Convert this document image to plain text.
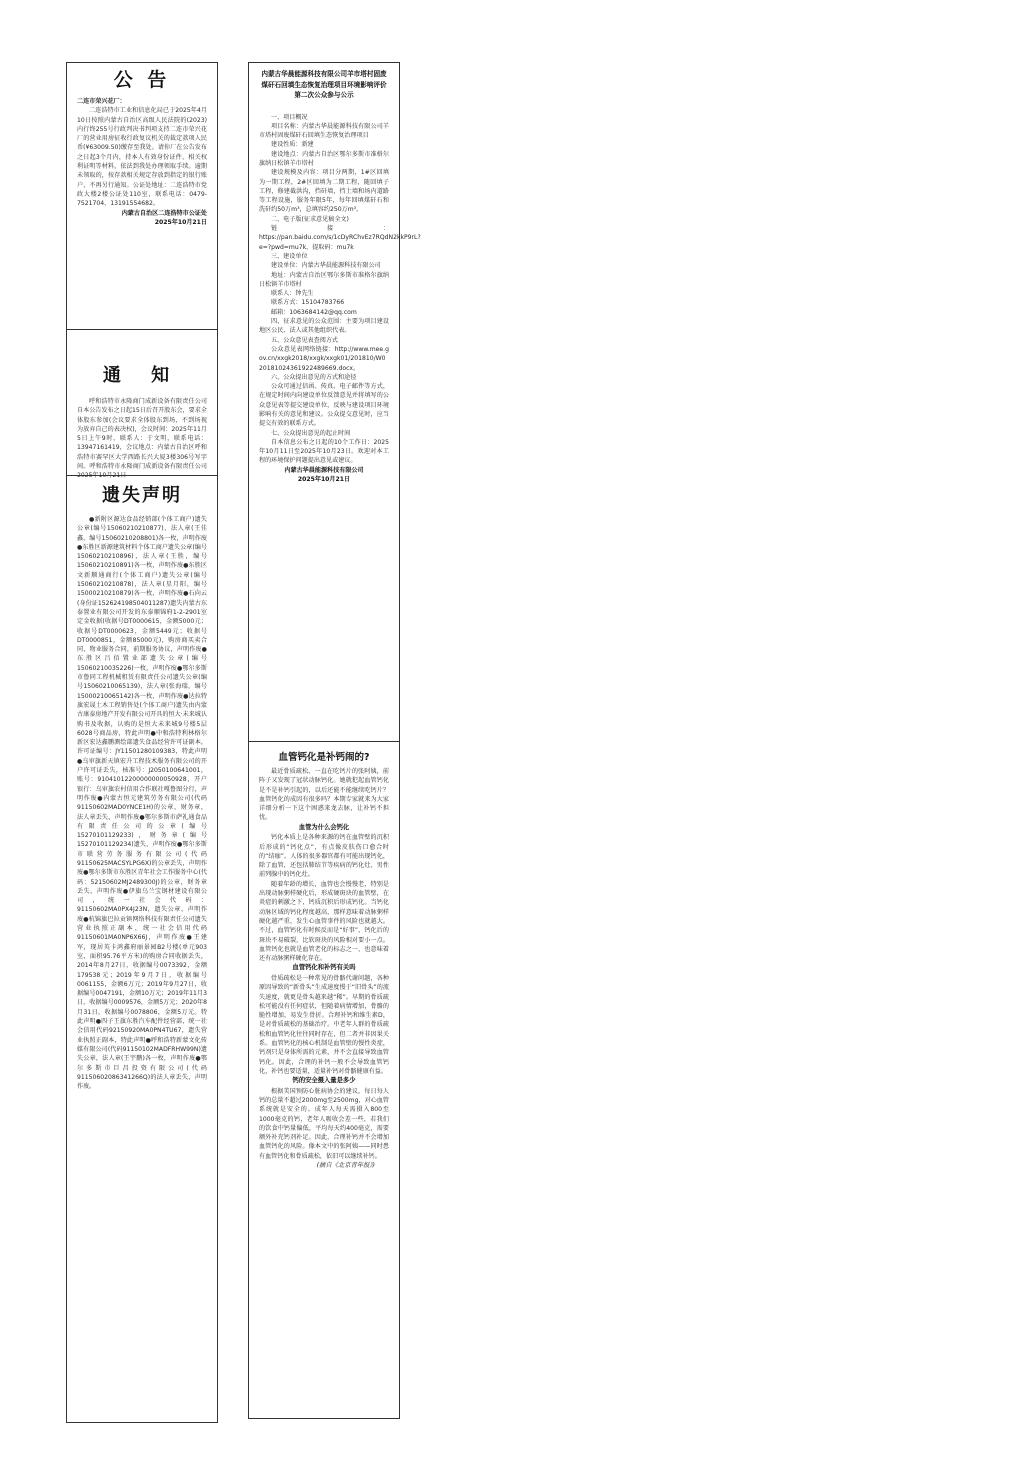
公 告

二连市荣兴花厂：

二连浩特市工业和信息化局已于2025年4月10日按照内蒙古自治区高级人民法院的(2023)内行终255号行政判决书判项支持二连市荣兴花厂的营业用房征收行政复议机关的裁定款项人民币(¥63009.50)缴存至我处。请你厂在公告发布之日起3个月内，持本人有效身份证件、相关权利证明等材料，依法到我处办理领取手续。逾期未领取的，按存款相关规定存放到指定的银行账户，不再另行通知。公证处地址：二连浩特市党政大楼2楼公证处110室，联系电话：0479-7521704，13191554682。

内蒙古自治区二连浩特市公证处
2025年10月21日
通 知

呼和浩特市永隆商门成新设备有限责任公司自本公告发布之日起15日后召开股东会，要求全体股东参加(会议要求全体股东到场，不到场视为放弃自己的表决权)，会议时间：2025年11月5日上午9时，联系人：于文明，联系电话：13947161419，会议地点：内蒙古自治区呼和浩特市赛罕区大学西路长兴大厦3楼306号写字间。呼和浩特市永隆商门成新设备有限责任公司 2025年10月21日

遗失声明

●新附区源达食品经销部(个体工商户)遗失公章(编号15060210210877)，法人章(王佳鑫，编号15060210208801)各一枚，声明作废●东胜区新源建筑材料个体工商户遗失公章(编号15060210210896)，法人章(王胜，编号15060210210891)各一枚，声明作废●东胜区文新顺通商行(个体工商户)遗失公章(编号15060210210878)，法人章(星月阳，编号15000210210879)各一枚，声明作废●石向云(身份证152624198504011287)遗失内蒙古东泰置业有限公司开发的东泰顺锦府1-2-2901室定金收据(收据号DT0000615，金额5000元；收据号DT0000623，金额5449元；收据号DT0000851，金额85000元)，购房商买卖合同，物业服务合同，前期服务协议，声明作废●东胜区吕佰置业部遗失公章(编号15060210035226)一枚，声明作废●鄂尔多斯市鲁同工程机械租赁有限责任公司遗失公章(编号15060210065139)，法人章(张海瑞，编号15000210065142)各一枚，声明作废●达拉特旗宏晟土木工程销售处(个体工商户)遗失由内蒙古康泰房地产开发有限公司开具的恒大·未来城认购书及收据，认购的是恒大未来城9号楼5层6028号商品房，特此声明●中和浩特利林格尔新区宏达鑫鹏测绘部遗失食品经营许可证副本，许可证编号：JY11501280109383，特此声明●乌审旗新天镇宏升工程技术服务有限公司的开户许可证丢失，核准号：J2050100641001，账号：91041012200000000050928，开户银行：乌审旗农村信用合作联社嘎鲁图分行，声明作废●内蒙古恒元建筑劳务有限公司(代码91150602MAD0YNCE1H)的公章，财务章，法人章丢失，声明作废●鄂尔多斯市萨礼通食品有限责任公司的公章(编号15270101129233)，财务章(编号15270101129234)遗失，声明作废●鄂尔多斯市联营劳务服务有限公司(代码91150625MACSYLPG6X)的公章丢失，声明作废●鄂尔多斯市东胜区青年社会工作服务中心(代码：52150602MJ2489300J)的公章，财务章丢失，声明作废●伊旗乌兰宝钢材建设有限公司，统一社会代码：91150602MA0PX4J23N，遗失公章，声明作废●杭锦旗巴拉贡镇网络科技有限责任公司遗失营业执照正副本，统一社会信用代码91150601MA0NP6X66J，声明作废●王建军，现居英卡鸿鑫府丽景园B2号楼(单元903室，面积95.76平方米)的购房合同收据丢失，2014年8月27日，收据编号0073392，金额179538元；2019年9月7日，收据编号0061155，金额6万元；2019年9月27日，收据编号0047191，金额10万元；2019年11月3日，收据编号0009576，金额5万元；2020年8月31日，收据编号0078806，金额5万元。特此声明●四子王旗东胜汽车配件经营部，统一社会信用代码92150920MA0PN4TU67，遗失营业执照正副本，特此声明●呼和浩特新蒙文化传媒有限公司(代码91150102MADFRHW99N)遗失公章，法人章(王宇鹏)各一枚，声明作废●鄂尔多斯市巨昌投资有限公司(代码91150602086341266Q)的法人章丢失，声明作废。

内蒙古华晨能源科技有限公司羊市塔村固废煤矸石回填生态恢复治理项目环境影响评价第二次公众参与公示

一、项目概况

项目名称：内蒙古华晨能源科技有限公司羊市塔村固废煤矸石回填生态恢复治理项目

建设性质：新建

建设地点：内蒙古自治区鄂尔多斯市准格尔旗纳日松镇羊市塔村

建设规模及内容：项目分两期，1#区回填为一期工程，2#区回填为二期工程，随回填子工程，修建截洪沟，挡矸墙，挡土墙和场内道路等工程设施，服务年限5年，每年回填煤矸石和洗矸约50万m³，总填容约250万m³。

二、电子版(征求意见稿全文)

链接：https://pan.baidu.com/s/1cDyRChvEz7RQdN2kkP9rL?e=?pwd=mu7k，提取码：mu7k

三、建设单位

建设单位：内蒙古华晨能源科技有限公司

地址：内蒙古自治区鄂尔多斯市准格尔旗纳日松镇羊市塔村

联系人：钟先生

联系方式：15104783766

邮箱：1063684142@qq.com

四、征求意见的公众范围：主要为项目建设地区公民、法人或其他组织代表。

五、公众意见表查阅方式

公众意见表网络链接：http://www.mee.gov.cn/xxgk2018/xxgk/xxgk01/201810/W020181024361922489669.docx。

六、公众提出意见的方式和途径

公众可通过信函、传真、电子邮件等方式，在规定时间内向建设单位反馈意见并将填写的公众意见表等提交建设单位，反映与建设项目环境影响有关的意见和建议。公众提交意见时，应当提交有效的联系方式。

七、公众提出意见的起止时间

自本信息公布之日起的10个工作日：2025年10月11日至2025年10月23日。欢迎对本工程的环境保护问题提出意见或建议。

内蒙古华晨能源科技有限公司
2025年10月21日
血管钙化是补钙闹的?

最近骨质疏松、一直在吃钙片的张阿姨，前阵子又发现了冠状动脉钙化。她就犯起血管钙化是不是补钙引起的，以后还能不能继续吃钙片？血管钙化的成因有很多吗？本期专家就来为大家详细分析一下这个困惑来龙去脉，让补钙不担忧。

血管为什么会钙化

钙化本质上是各种来源的钙在血管壁的沉积后形成的“钙化点”，有点像皮肤伤口愈合时的“结痂”。人体的很多器官都有可能出现钙化，除了血管，还包括肺结节等疾病的钙化灶、男性前列腺中的钙化灶。

随着年龄的增长，血管也会慢慢老，特别是出现动脉粥样硬化后，形成硬斑块的血管壁，在炎症的刺激之下，钙质沉积后形成钙化。当钙化动脉区域的钙化程度越高，那样意味着动脉粥样硬化越严重，发生心血管事件的风险也就越大。不过，血管钙化有时候反而是“好事”，钙化后的斑块不易破裂，比软斑块的风险相对要小一点。血管钙化也就是血管老化的标志之一，也意味着还有动脉粥样硬化存在。

血管钙化和补钙有关吗

骨质疏松是一种常见的骨骼代谢问题，各种原因导致的“新骨头”生成速度慢于“旧骨头”的流失速度，就更是骨头越来越“稀”。早期的骨质疏松可能没有任何症状，但随着病情增加，骨骼的脆性增加，易发生骨折。合理补钙和维生素D，是对骨质疏松的基础治疗。中老年人群的骨质疏松和血管钙化往往同时存在，但二者并非因果关系。血管钙化的核心机制是血管壁的慢性炎症，钙剂只是身体所需的元素，并不会直接导致血管钙化。因此，合理的补钙一般不会导致血管钙化，补钙也要适量，适量补钙对骨骼健康有益。

钙的安全摄入量是多少

根据美国预防心脏病协会的建议，每日每人钙的总量不超过2000mg至2500mg，对心血管系统就是安全的。成年人每天需摄入800至1000毫克的钙，老年人吸收会差一些，若我们的饮食中钙量偏低，平均每天约400毫克，需要额外补充钙剂补足。因此，合理补钙并不会增加血管钙化的风险。像本文中的张阿姨——同时患有血管钙化和骨质疏松，依旧可以继续补钙。

(摘自《北京青年报》)
